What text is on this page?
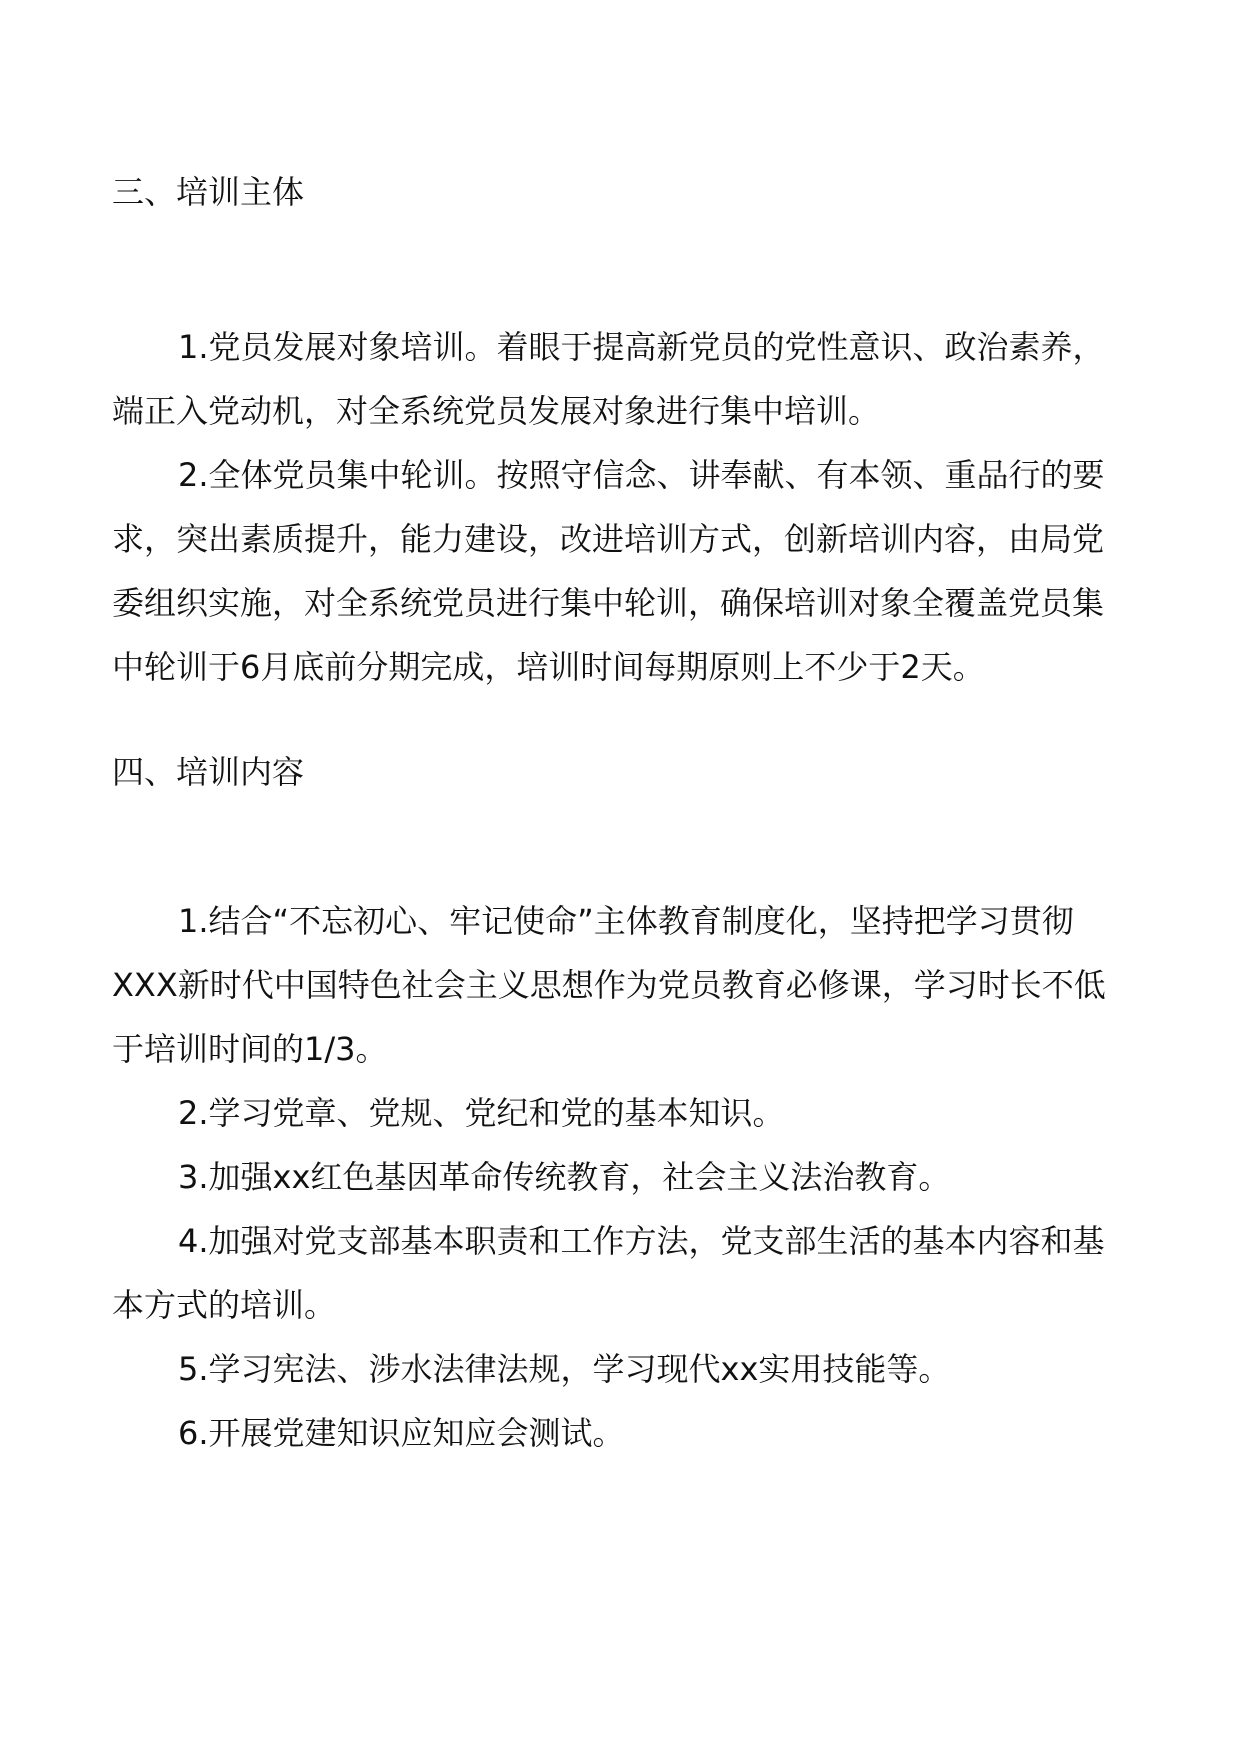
三、培训主体

1.党员发展对象培训。着眼于提高新党员的党性意识、政治素养，端正入党动机，对全系统党员发展对象进行集中培训。

2.全体党员集中轮训。按照守信念、讲奉献、有本领、重品行的要求，突出素质提升，能力建设，改进培训方式，创新培训内容，由局党委组织实施，对全系统党员进行集中轮训，确保培训对象全覆盖党员集中轮训于6月底前分期完成，培训时间每期原则上不少于2天。

四、培训内容

1.结合“不忘初心、牢记使命”主体教育制度化，坚持把学习贯彻XXX新时代中国特色社会主义思想作为党员教育必修课，学习时长不低于培训时间的1/3。

2.学习党章、党规、党纪和党的基本知识。

3.加强xx红色基因革命传统教育，社会主义法治教育。

4.加强对党支部基本职责和工作方法，党支部生活的基本内容和基本方式的培训。

5.学习宪法、涉水法律法规，学习现代xx实用技能等。

6.开展党建知识应知应会测试。
